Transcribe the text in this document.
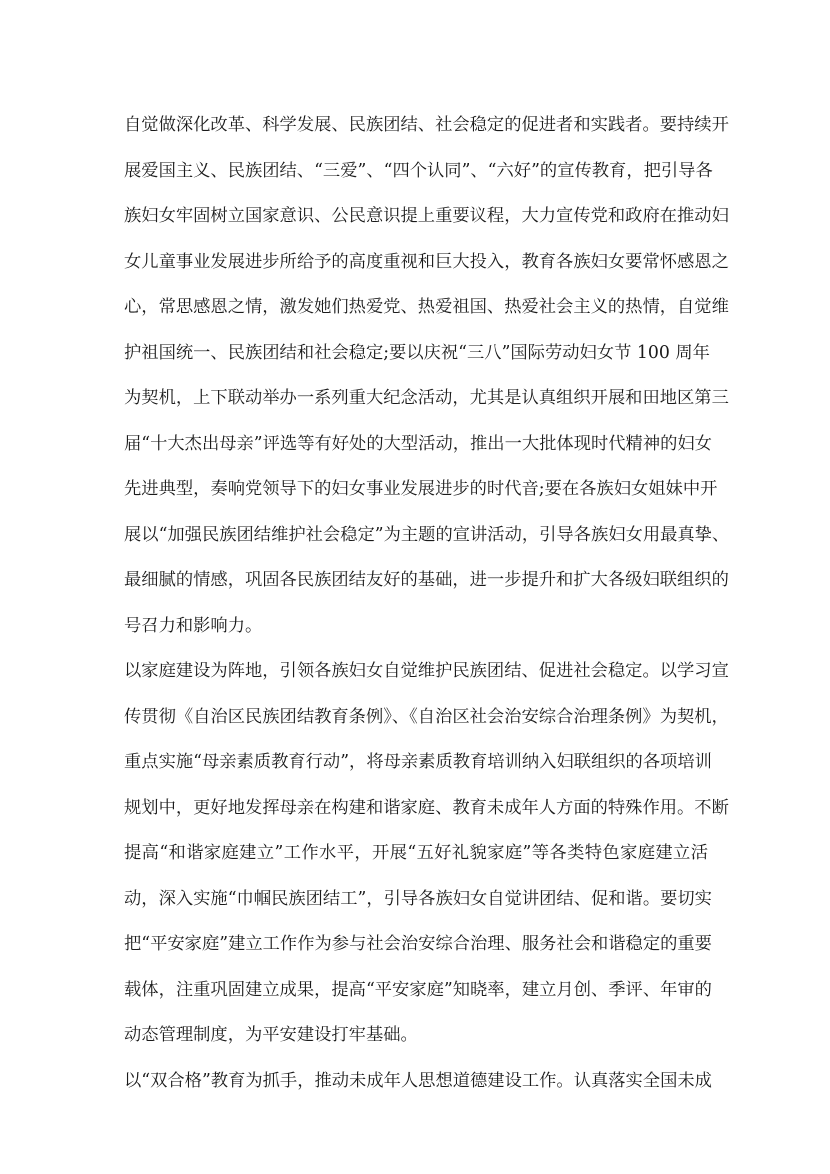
自觉做深化改革、科学发展、民族团结、社会稳定的促进者和实践者。要持续开
展爱国主义、民族团结、“三爱”、“四个认同”、“六好”的宣传教育，把引导各
族妇女牢固树立国家意识、公民意识提上重要议程，大力宣传党和政府在推动妇
女儿童事业发展进步所给予的高度重视和巨大投入，教育各族妇女要常怀感恩之
心，常思感恩之情，激发她们热爱党、热爱祖国、热爱社会主义的热情，自觉维
护祖国统一、民族团结和社会稳定;要以庆祝“三八”国际劳动妇女节 100 周年
为契机，上下联动举办一系列重大纪念活动，尤其是认真组织开展和田地区第三
届“十大杰出母亲”评选等有好处的大型活动，推出一大批体现时代精神的妇女
先进典型，奏响党领导下的妇女事业发展进步的时代音;要在各族妇女姐妹中开
展以“加强民族团结维护社会稳定”为主题的宣讲活动，引导各族妇女用最真挚、
最细腻的情感，巩固各民族团结友好的基础，进一步提升和扩大各级妇联组织的
号召力和影响力。
以家庭建设为阵地，引领各族妇女自觉维护民族团结、促进社会稳定。以学习宣
传贯彻《自治区民族团结教育条例》、《自治区社会治安综合治理条例》为契机，
重点实施“母亲素质教育行动”，将母亲素质教育培训纳入妇联组织的各项培训
规划中，更好地发挥母亲在构建和谐家庭、教育未成年人方面的特殊作用。不断
提高“和谐家庭建立”工作水平，开展“五好礼貌家庭”等各类特色家庭建立活
动，深入实施“巾帼民族团结工”，引导各族妇女自觉讲团结、促和谐。要切实
把“平安家庭”建立工作作为参与社会治安综合治理、服务社会和谐稳定的重要
载体，注重巩固建立成果，提高“平安家庭”知晓率，建立月创、季评、年审的
动态管理制度，为平安建设打牢基础。
以“双合格”教育为抓手，推动未成年人思想道德建设工作。认真落实全国未成
